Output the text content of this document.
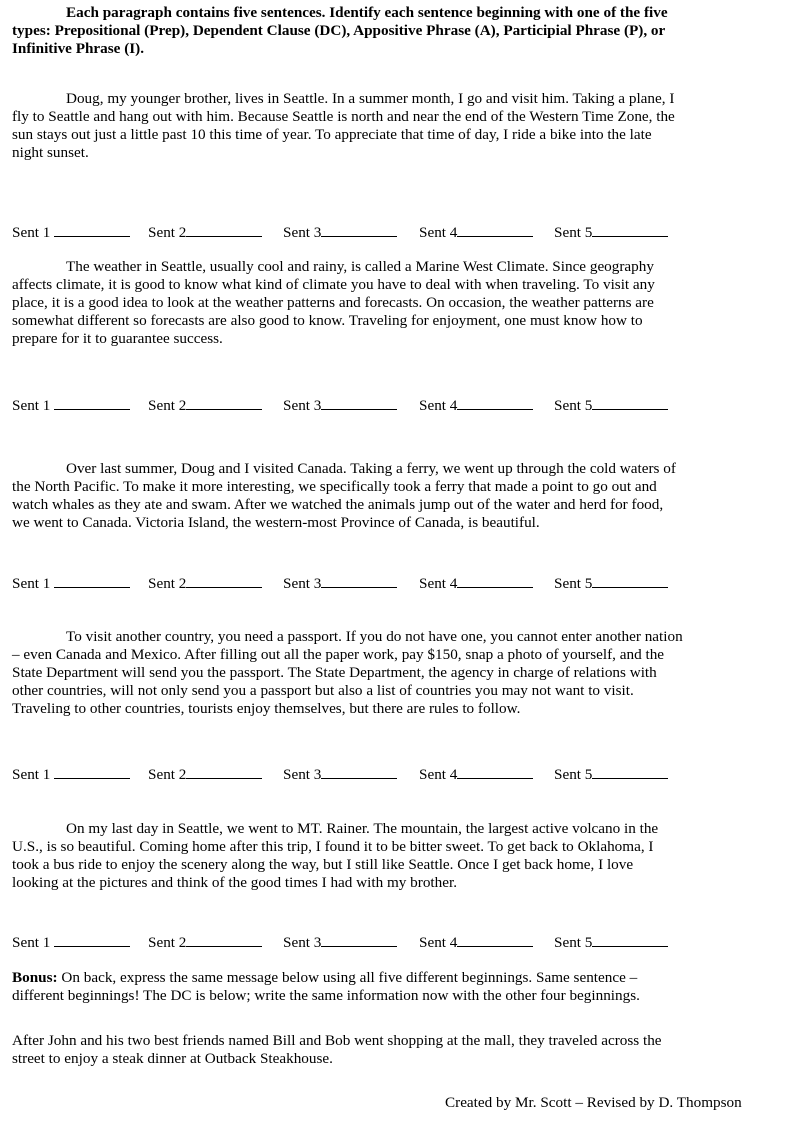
Each paragraph contains five sentences. Identify each sentence beginning with one of the five
types: Prepositional (Prep), Dependent Clause (DC), Appositive Phrase (A), Participial Phrase (P), or
Infinitive Phrase (I).
Doug, my younger brother, lives in Seattle. In a summer month, I go and visit him. Taking a plane, I
fly to Seattle and hang out with him. Because Seattle is north and near the end of the Western Time Zone, the
sun stays out just a little past 10 this time of year. To appreciate that time of day, I ride a bike into the late
night sunset.
Sent 1	Sent 2	Sent 3	Sent 4	Sent 5
The weather in Seattle, usually cool and rainy, is called a Marine West Climate. Since geography
affects climate, it is good to know what kind of climate you have to deal with when traveling. To visit any
place, it is a good idea to look at the weather patterns and forecasts. On occasion, the weather patterns are
somewhat different so forecasts are also good to know. Traveling for enjoyment, one must know how to
prepare for it to guarantee success.
Sent 1	Sent 2	Sent 3	Sent 4	Sent 5
Over last summer, Doug and I visited Canada. Taking a ferry, we went up through the cold waters of
the North Pacific. To make it more interesting, we specifically took a ferry that made a point to go out and
watch whales as they ate and swam. After we watched the animals jump out of the water and herd for food,
we went to Canada. Victoria Island, the western-most Province of Canada, is beautiful.
Sent 1	Sent 2	Sent 3	Sent 4	Sent 5
To visit another country, you need a passport. If you do not have one, you cannot enter another nation
– even Canada and Mexico. After filling out all the paper work, pay $150, snap a photo of yourself, and the
State Department will send you the passport. The State Department, the agency in charge of relations with
other countries, will not only send you a passport but also a list of countries you may not want to visit.
Traveling to other countries, tourists enjoy themselves, but there are rules to follow.
Sent 1	Sent 2	Sent 3	Sent 4	Sent 5
On my last day in Seattle, we went to MT. Rainer. The mountain, the largest active volcano in the
U.S., is so beautiful. Coming home after this trip, I found it to be bitter sweet. To get back to Oklahoma, I
took a bus ride to enjoy the scenery along the way, but I still like Seattle. Once I get back home, I love
looking at the pictures and think of the good times I had with my brother.
Sent 1	Sent 2	Sent 3	Sent 4	Sent 5
Bonus: On back, express the same message below using all five different beginnings. Same sentence –
different beginnings! The DC is below; write the same information now with the other four beginnings.
After John and his two best friends named Bill and Bob went shopping at the mall, they traveled across the
street to enjoy a steak dinner at Outback Steakhouse.
Created by Mr. Scott – Revised by D. Thompson
